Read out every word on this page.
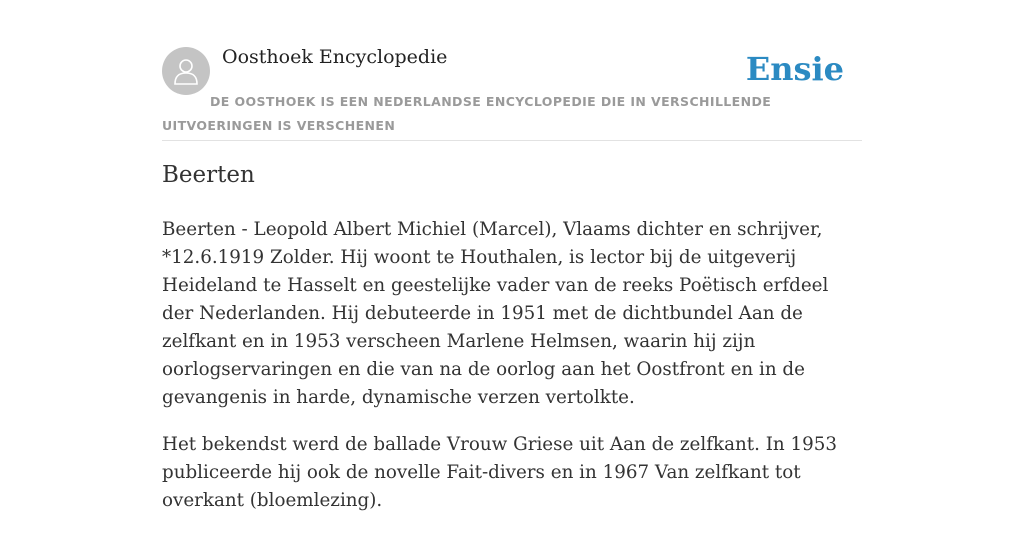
Oosthoek Encyclopedie	Ensie
DE OOSTHOEK IS EEN NEDERLANDSE ENCYCLOPEDIE DIE IN VERSCHILLENDE UITVOERINGEN IS VERSCHENEN
Beerten

Beerten - Leopold Albert Michiel (Marcel), Vlaams dichter en schrijver, *12.6.1919 Zolder. Hij woont te Houthalen, is lector bij de uitgeverij Heideland te Hasselt en geestelijke vader van de reeks Poëtisch erfdeel der Nederlanden. Hij debuteerde in 1951 met de dichtbundel Aan de zelfkant en in 1953 verscheen Marlene Helmsen, waarin hij zijn oorlogservaringen en die van na de oorlog aan het Oostfront en in de gevangenis in harde, dynamische verzen vertolkte.

Het bekendst werd de ballade Vrouw Griese uit Aan de zelfkant. In 1953 publiceerde hij ook de novelle Fait-divers en in 1967 Van zelfkant tot overkant (bloemlezing).
